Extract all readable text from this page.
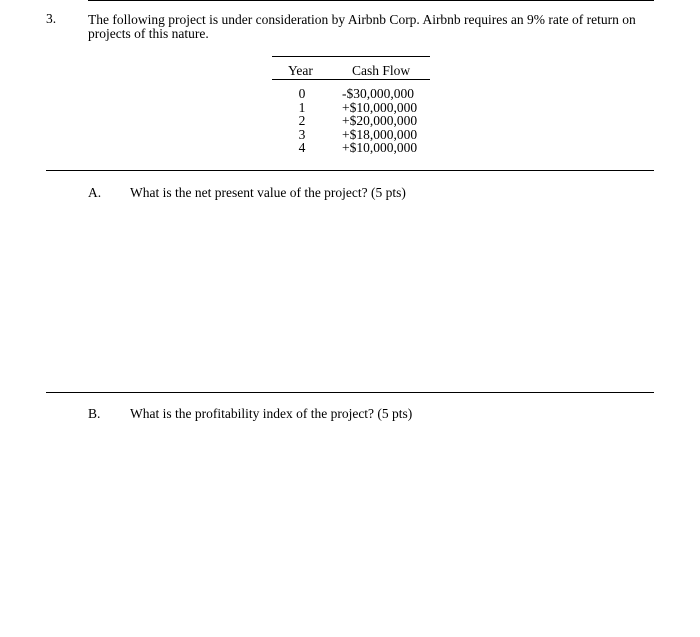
3. The following project is under consideration by Airbnb Corp. Airbnb requires an 9% rate of return on projects of this nature.
Year	Cash Flow
0	-$30,000,000
1	+$10,000,000
2	+$20,000,000
3	+$18,000,000
4	+$10,000,000
A. What is the net present value of the project? (5 pts)
B. What is the profitability index of the project? (5 pts)
